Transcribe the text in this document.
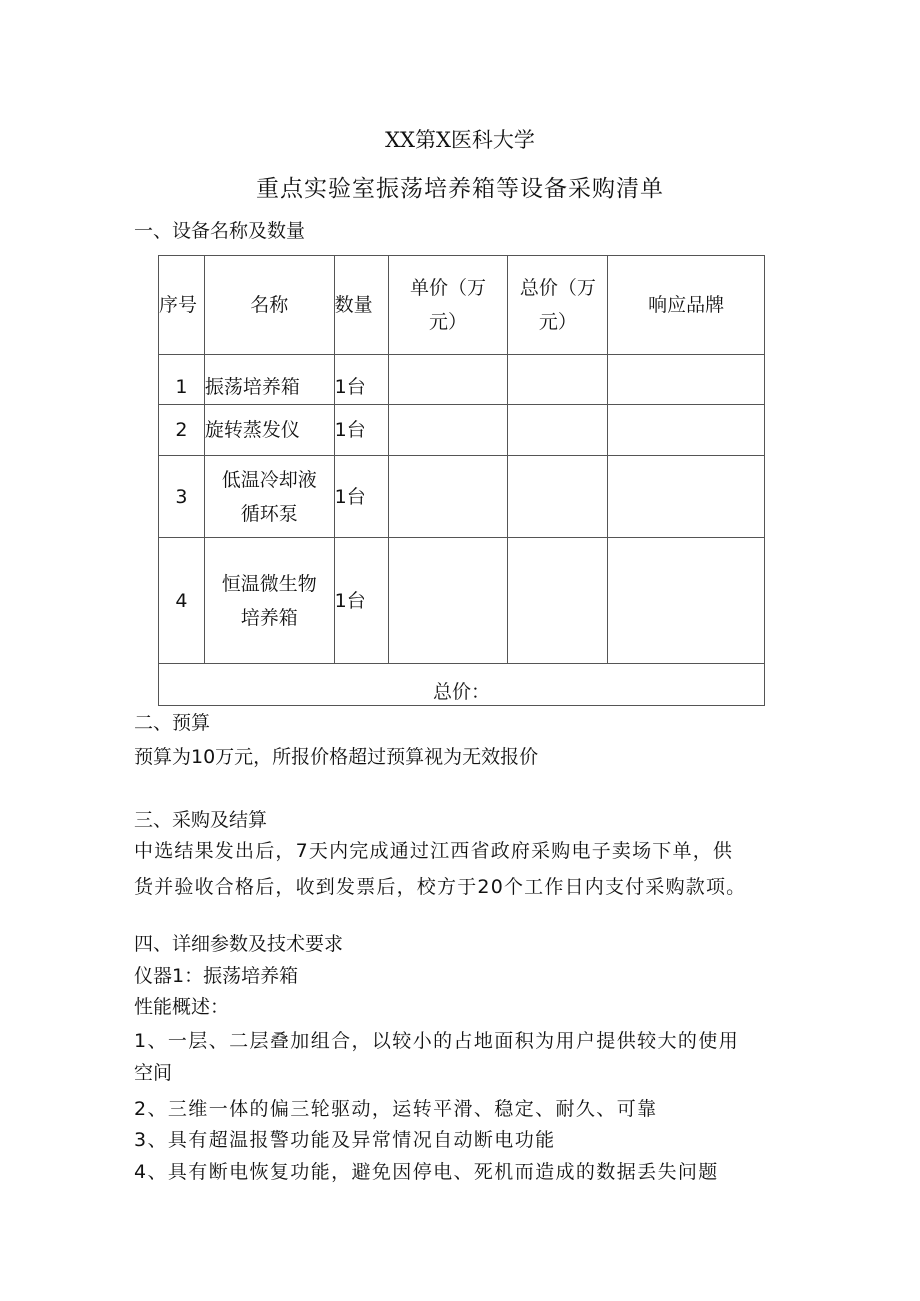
XX第X医科大学
重点实验室振荡培养箱等设备采购清单
一、设备名称及数量
序号	名称	数量	单价（万元）	总价（万元）	响应品牌
1	振荡培养箱	1台			
2	旋转蒸发仪	1台			
3	低温冷却液循环泵	1台			
4	恒温微生物培养箱	1台			
总价：					
二、预算
预算为10万元，所报价格超过预算视为无效报价
三、采购及结算
中选结果发出后，7天内完成通过江西省政府采购电子卖场下单，供
货并验收合格后，收到发票后，校方于20个工作日内支付采购款项。
四、详细参数及技术要求
仪器1：振荡培养箱
性能概述：
1、一层、二层叠加组合，以较小的占地面积为用户提供较大的使用
空间
2、三维一体的偏三轮驱动，运转平滑、稳定、耐久、可靠
3、具有超温报警功能及异常情况自动断电功能
4、具有断电恢复功能，避免因停电、死机而造成的数据丢失问题
